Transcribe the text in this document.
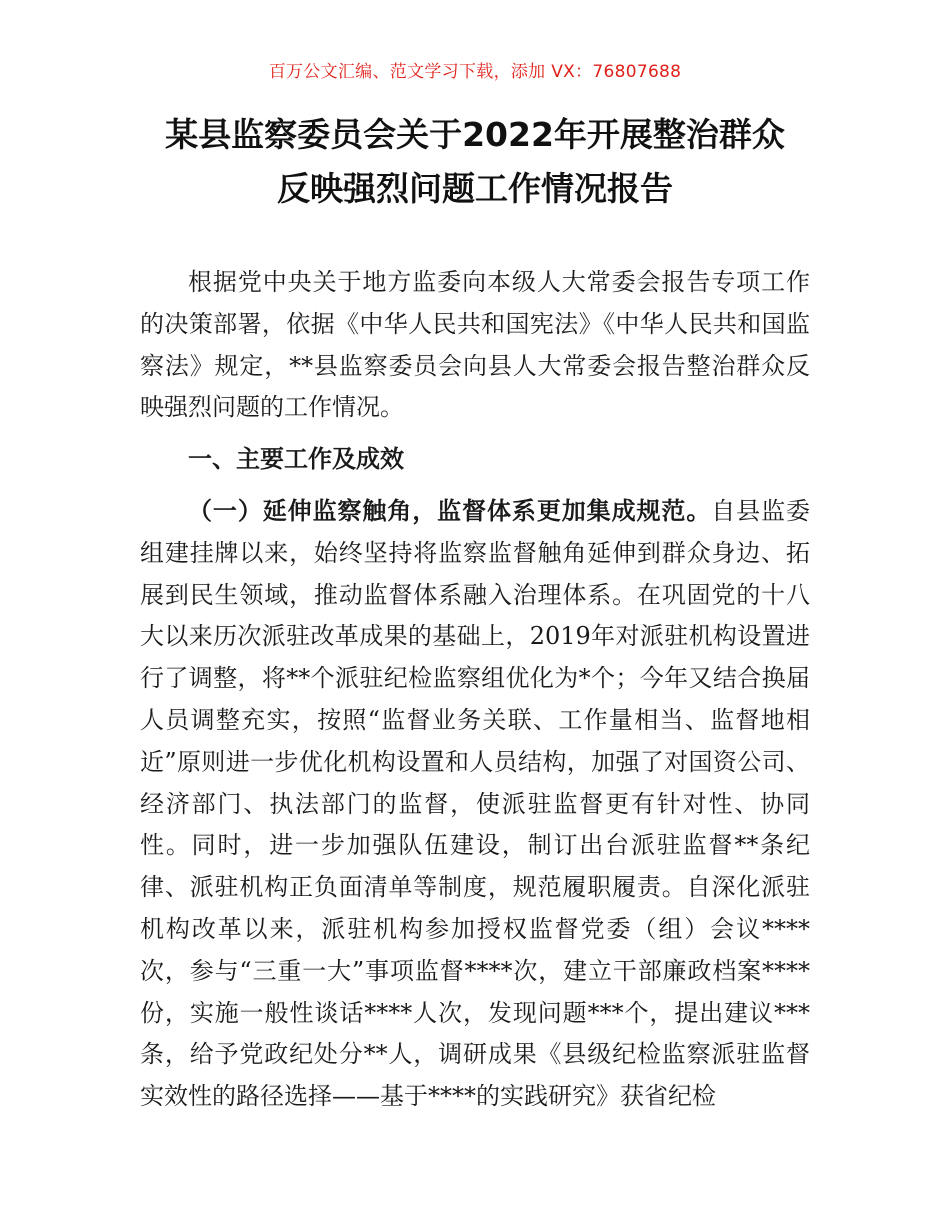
百万公文汇编、范文学习下载，添加 VX：76807688
某县监察委员会关于2022年开展整治群众
反映强烈问题工作情况报告

根据党中央关于地方监委向本级人大常委会报告专项工作的决策部署，依据《中华人民共和国宪法》《中华人民共和国监察法》规定，**县监察委员会向县人大常委会报告整治群众反映强烈问题的工作情况。

一、主要工作及成效

（一）延伸监察触角，监督体系更加集成规范。自县监委组建挂牌以来，始终坚持将监察监督触角延伸到群众身边、拓展到民生领域，推动监督体系融入治理体系。在巩固党的十八大以来历次派驻改革成果的基础上，2019年对派驻机构设置进行了调整，将**个派驻纪检监察组优化为*个；今年又结合换届人员调整充实，按照“监督业务关联、工作量相当、监督地相近”原则进一步优化机构设置和人员结构，加强了对国资公司、经济部门、执法部门的监督，使派驻监督更有针对性、协同性。同时，进一步加强队伍建设，制订出台派驻监督**条纪律、派驻机构正负面清单等制度，规范履职履责。自深化派驻机构改革以来，派驻机构参加授权监督党委（组）会议****次，参与“三重一大”事项监督****次，建立干部廉政档案****份，实施一般性谈话****人次，发现问题***个，提出建议***条，给予党政纪处分**人，调研成果《县级纪检监察派驻监督实效性的路径选择——基于****的实践研究》获省纪检
